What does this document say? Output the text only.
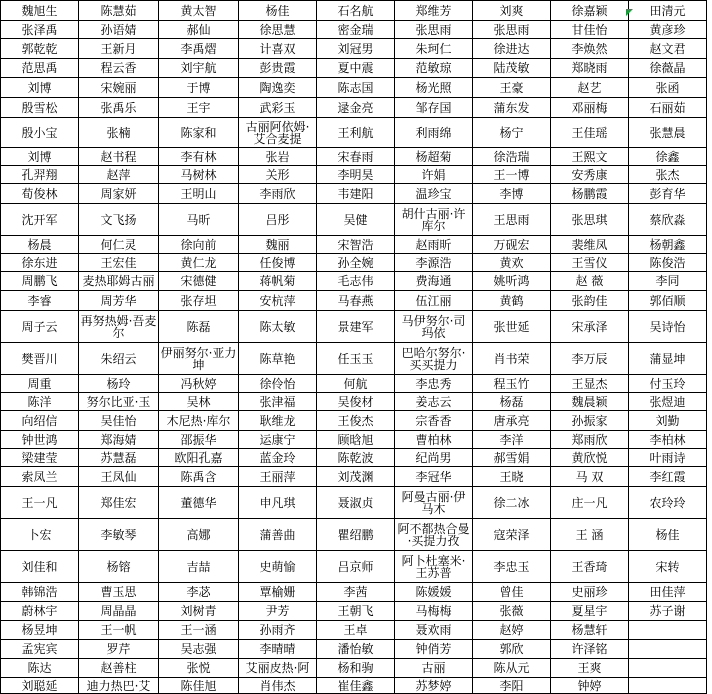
魏旭生	陈慧茹	黄太智	杨佳	石名航	郑维芳	刘爽	徐嘉颖	田清元
张泽禹	孙语婧	郝仙	徐思慧	密金瑞	张思雨	张思雨	甘佳怡	黄彦珍
郭乾乾	王新月	李禹熠	计喜双	刘冠男	朱珂仁	徐进达	李焕然	赵文君
范思禹	程云香	刘宇航	彭贵霞	夏中震	范敏琼	陆茂敏	郑晓雨	徐薇晶
刘博	宋婉丽	于博	陶逸奕	陈志国	杨光照	王豪	赵艺	张函
殷雪松	张禹乐	王宇	武彩玉	逯金亮	邹存国	蒲东发	邓丽梅	石丽茹
殷小宝	张楠	陈家和	古丽阿依姆·艾合麦提	王利航	利雨绵	杨宁	王佳瑶	张慧晨
刘博	赵书程	李有林	张岩	宋春雨	杨超菊	徐浩瑞	王熙文	徐鑫
孔羿翔	赵萍	马树林	关形	李明昊	许娟	王一博	安秀康	张杰
荀俊林	周家妍	王明山	李雨欣	韦建阳	温珍宝	李博	杨鹏霞	彭育华
沈开军	文飞扬	马昕	吕彤	吴健	胡什古丽·许库尔	王思雨	张思琪	蔡欣淼
杨晨	何仁灵	徐向前	魏丽	宋智浩	赵雨昕	万砚宏	裴维凤	杨朝鑫
徐东进	王宏佳	黄仁龙	任俊博	孙全婉	李源浩	黄欢	王雪仪	陈俊浩
周鹏飞	麦热耶姆古丽	宋德健	蒋帆菊	毛志伟	费海通	姚听鸿	赵 薇	李同
李睿	周芳华	张存坦	安杭萍	马春燕	伍江丽	黄鹤	张韵佳	郭佰顺
周子云	再努热姆·吾麦尔	陈磊	陈太敏	景建军	马伊努尔·司玛依	张世延	宋承泽	吴诗怡
樊晋川	朱绍云	伊丽努尔·亚力坤	陈草艳	任玉玉	巴哈尔努尔·买买提力	肖书荣	李万辰	蒲显坤
周重	杨玲	冯秋婷	徐伶怡	何航	李忠秀	程玉竹	王显杰	付玉玲
陈洋	努尔比亚·玉	吴林	张津福	吴俊材	姜志云	杨磊	魏晨颖	张煜迪
向绍信	吴佳怡	木尼热·库尔	耿维龙	王俊杰	宗香香	唐承亮	孙振家	刘勤
钟世鸿	郑海婧	邵振华	运康宁	顾晗旭	曹柏林	李洋	郑雨欣	李柏林
梁建莹	苏慧磊	欧阳孔嘉	蓝金玲	陈乾波	纪尚男	郝雪娟	黄欣悦	叶雨诗
索凤兰	王凤仙	陈禹含	王丽萍	刘茂渊	李冠华	王晓	马 双	李红霞
王一凡	郑佳宏	董德华	申凡琪	聂淑贞	阿曼古丽·伊马木	徐二冰	庄一凡	农玲玲
卜宏	李敏琴	高娜	蒲善曲	瞿绍鹏	阿不都热合曼·买提力孜	寇荣泽	王 涵	杨佳
刘佳和	杨镕	吉喆	史萌愉	吕京师	阿卜杜塞米·王苏普	李忠玉	王香琦	宋转
韩锦浩	曹玉思	李苾	覃榆姗	李茜	陈媛媛	曾佳	史丽珍	田佳萍
蔚林宇	周晶晶	刘树青	尹芳	王朝飞	马梅梅	张薇	夏星宇	苏子谢
杨昱坤	王一帆	王一涵	孙雨齐	王卓	聂欢雨	赵婷	杨慧轩	
孟宪宾	罗芹	吴志强	李晴晴	潘怡敏	钟俏芳	郭欣	许泽铭	
陈达	赵善柱	张悦	艾丽皮热·阿	杨和驹	古丽	陈从元	王爽	
刘聪延	迪力热巴·艾	陈佳旭	肖伟杰	崔佳鑫	苏梦婷	李阳	钟婷	
